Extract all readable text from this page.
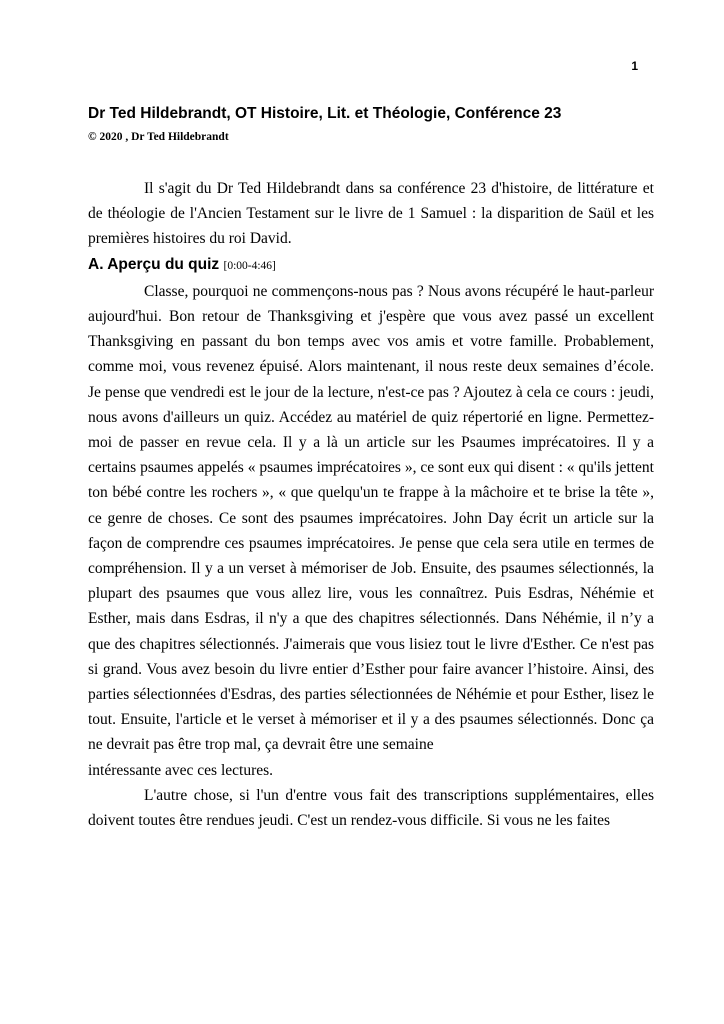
1
Dr Ted Hildebrandt, OT Histoire, Lit. et Théologie, Conférence 23
© 2020 , Dr Ted Hildebrandt

Il s'agit du Dr Ted Hildebrandt dans sa conférence 23 d'histoire, de littérature et de théologie de l'Ancien Testament sur le livre de 1 Samuel : la disparition de Saül et les premières histoires du roi David.

A. Aperçu du quiz [0:00-4:46]

Classe, pourquoi ne commençons-nous pas ? Nous avons récupéré le haut-parleur aujourd'hui. Bon retour de Thanksgiving et j'espère que vous avez passé un excellent Thanksgiving en passant du bon temps avec vos amis et votre famille. Probablement, comme moi, vous revenez épuisé. Alors maintenant, il nous reste deux semaines d’école. Je pense que vendredi est le jour de la lecture, n'est-ce pas ? Ajoutez à cela ce cours : jeudi, nous avons d'ailleurs un quiz. Accédez au matériel de quiz répertorié en ligne. Permettez-moi de passer en revue cela. Il y a là un article sur les Psaumes imprécatoires. Il y a certains psaumes appelés « psaumes imprécatoires », ce sont eux qui disent : « qu'ils jettent ton bébé contre les rochers », « que quelqu'un te frappe à la mâchoire et te brise la tête », ce genre de choses. Ce sont des psaumes imprécatoires. John Day écrit un article sur la façon de comprendre ces psaumes imprécatoires. Je pense que cela sera utile en termes de compréhension. Il y a un verset à mémoriser de Job. Ensuite, des psaumes sélectionnés, la plupart des psaumes que vous allez lire, vous les connaîtrez. Puis Esdras, Néhémie et Esther, mais dans Esdras, il n'y a que des chapitres sélectionnés. Dans Néhémie, il n’y a que des chapitres sélectionnés. J'aimerais que vous lisiez tout le livre d'Esther. Ce n'est pas si grand. Vous avez besoin du livre entier d’Esther pour faire avancer l’histoire. Ainsi, des parties sélectionnées d'Esdras, des parties sélectionnées de Néhémie et pour Esther, lisez le tout. Ensuite, l'article et le verset à mémoriser et il y a des psaumes sélectionnés. Donc ça ne devrait pas être trop mal, ça devrait être une semaine

intéressante avec ces lectures.

L'autre chose, si l'un d'entre vous fait des transcriptions supplémentaires, elles doivent toutes être rendues jeudi. C'est un rendez-vous difficile. Si vous ne les faites
